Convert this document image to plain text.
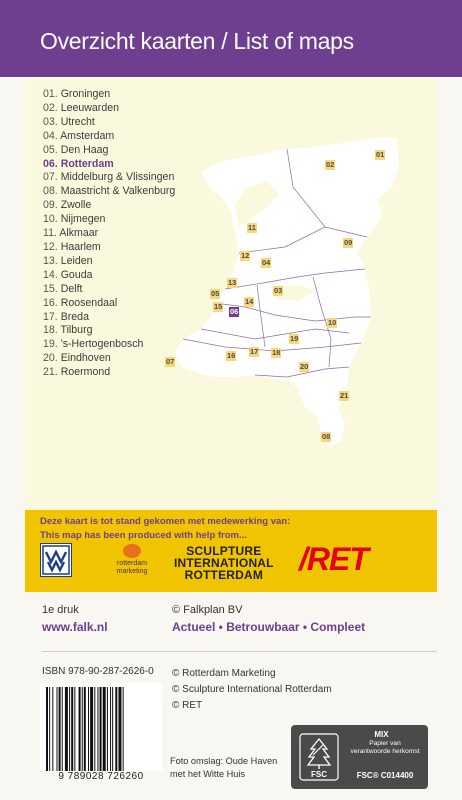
Overzicht kaarten / List of maps
01. Groningen
02. Leeuwarden
03. Utrecht
04. Amsterdam
05. Den Haag
06. Rotterdam
07. Middelburg & Vlissingen
08. Maastricht & Valkenburg
09. Zwolle
10. Nijmegen
11. Alkmaar
12. Haarlem
13. Leiden
14. Gouda
15. Delft
16. Roosendaal
17. Breda
18. Tilburg
19. 's-Hertogenbosch
20. Eindhoven
21. Roermond
01
02
03
04
05
06
07
08
09
10
11
12
13
14
15
16 17 18
19
20
21
Deze kaart is tot stand gekomen met medewerking van:
This map has been produced with help from...
rotterdam
marketing
SCULPTURE
INTERNATIONAL
ROTTERDAM	/RET
1e druk
www.falk.nl
© Falkplan BV
Actueel • Betrouwbaar • Compleet
ISBN 978-90-287-2626-0 © Rotterdam Marketing
© Sculpture International Rotterdam
© RET
9 789028 726260
Foto omslag: Oude Haven
met het Witte Huis	FSC
MIX
Papier van
verantwoorde herkomst
FSC® C014400
